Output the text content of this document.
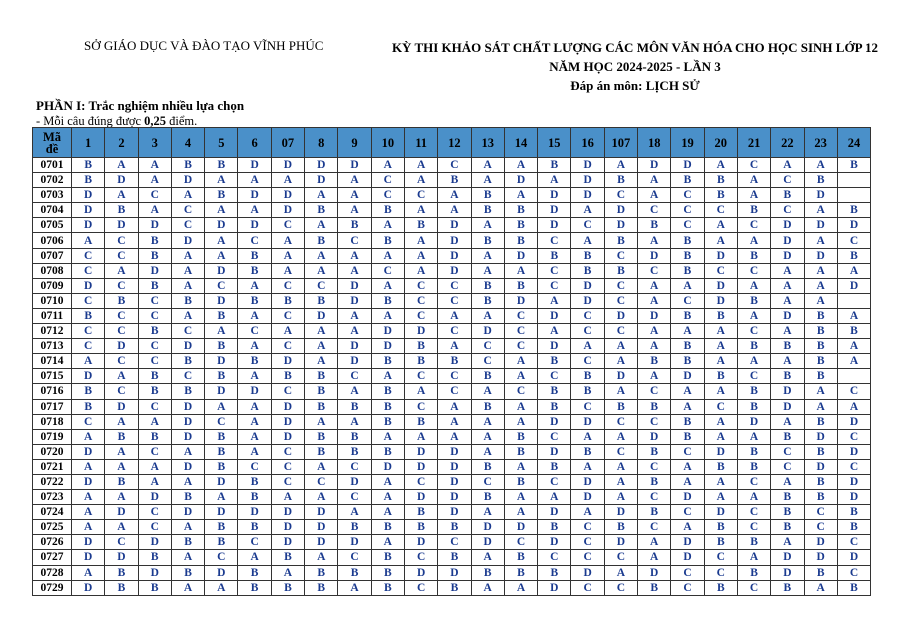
SỞ GIÁO DỤC VÀ ĐÀO TẠO VĨNH PHÚC	KỲ THI KHẢO SÁT CHẤT LƯỢNG CÁC MÔN VĂN HÓA CHO HỌC SINH LỚP 12
NĂM HỌC 2024-2025 - LẦN 3
Đáp án môn: LỊCH SỬ
PHẦN I: Trắc nghiệm nhiều lựa chọn
- Mỗi câu đúng được 0,25 điểm.
Mã
đề	1	2	3	4	5	6	07	8	9	10	11	12	13	14	15	16	107	18	19	20	21	22	23	24
0701	B	A	A	B	B	D	D	D	D	A	A	C	A	A	B	D	A	D	D	A	C	A	A	B
0702	B	D	A	D	A	A	A	D	A	C	A	B	A	D	A	D	B	A	B	B	A	C	B	
0703	D	A	C	A	B	D	D	A	A	C	C	A	B	A	D	D	C	A	C	B	A	B	D	
0704	D	B	A	C	A	A	D	B	A	B	A	A	B	B	D	A	D	C	C	C	B	C	A	B
0705	D	D	D	C	D	D	C	A	B	A	B	D	A	B	D	C	D	B	C	A	C	D	D	D
0706	A	C	B	D	A	C	A	B	C	B	A	D	B	B	C	A	B	A	B	A	A	D	A	C
0707	C	C	B	A	A	B	A	A	A	A	A	D	A	D	B	B	C	D	B	D	B	D	D	B
0708	C	A	D	A	D	B	A	A	A	C	A	D	A	A	C	B	B	C	B	C	C	A	A	A
0709	D	C	B	A	C	A	C	C	D	A	C	C	B	B	C	D	C	A	A	D	A	A	A	D
0710	C	B	C	B	D	B	B	B	D	B	C	C	B	D	A	D	C	A	C	D	B	A	A	
0711	B	C	C	A	B	A	C	D	A	A	C	A	A	C	D	C	D	D	B	B	A	D	B	A
0712	C	C	B	C	A	C	A	A	A	D	D	C	D	C	A	C	C	A	A	A	C	A	B	B
0713	C	D	C	D	B	A	C	A	D	D	B	A	C	C	D	A	A	A	B	A	B	B	B	A
0714	A	C	C	B	D	B	D	A	D	B	B	B	C	A	B	C	A	B	B	A	A	A	B	A
0715	D	A	B	C	B	A	B	B	C	A	C	C	B	A	C	B	D	A	D	B	C	B	B	
0716	B	C	B	B	D	D	C	B	A	B	A	C	A	C	B	B	A	C	A	A	B	D	A	C
0717	B	D	C	D	A	A	D	B	B	B	C	A	B	A	B	C	B	B	A	C	B	D	A	A
0718	C	A	A	D	C	A	D	A	A	B	B	A	A	A	D	D	C	C	B	A	D	A	B	D
0719	A	B	B	D	B	A	D	B	B	A	A	A	A	B	C	A	A	D	B	A	A	B	D	C
0720	D	A	C	A	B	A	C	B	B	B	D	D	A	B	D	B	C	B	C	D	B	C	B	D
0721	A	A	A	D	B	C	C	A	C	D	D	D	B	A	B	A	A	C	A	B	B	C	D	C
0722	D	B	A	A	D	B	C	C	D	A	C	D	C	B	C	D	A	B	A	A	C	A	B	D
0723	A	A	D	B	A	B	A	A	C	A	D	D	B	A	A	D	A	C	D	A	A	B	B	D
0724	A	D	C	D	D	D	D	D	A	A	B	D	A	A	D	A	D	B	C	D	C	B	C	B
0725	A	A	C	A	B	B	D	D	B	B	B	B	D	D	B	C	B	C	A	B	C	B	C	B
0726	D	C	D	B	B	C	D	D	D	A	D	C	D	C	D	C	D	A	D	B	B	A	D	C
0727	D	D	B	A	C	A	B	A	C	B	C	B	A	B	C	C	C	A	D	C	A	D	D	D
0728	A	B	D	B	D	B	A	B	B	B	D	D	B	B	B	D	A	D	C	C	B	D	B	C
0729	D	B	B	A	A	B	B	B	A	B	C	B	A	A	D	C	C	B	C	B	C	B	A	B
